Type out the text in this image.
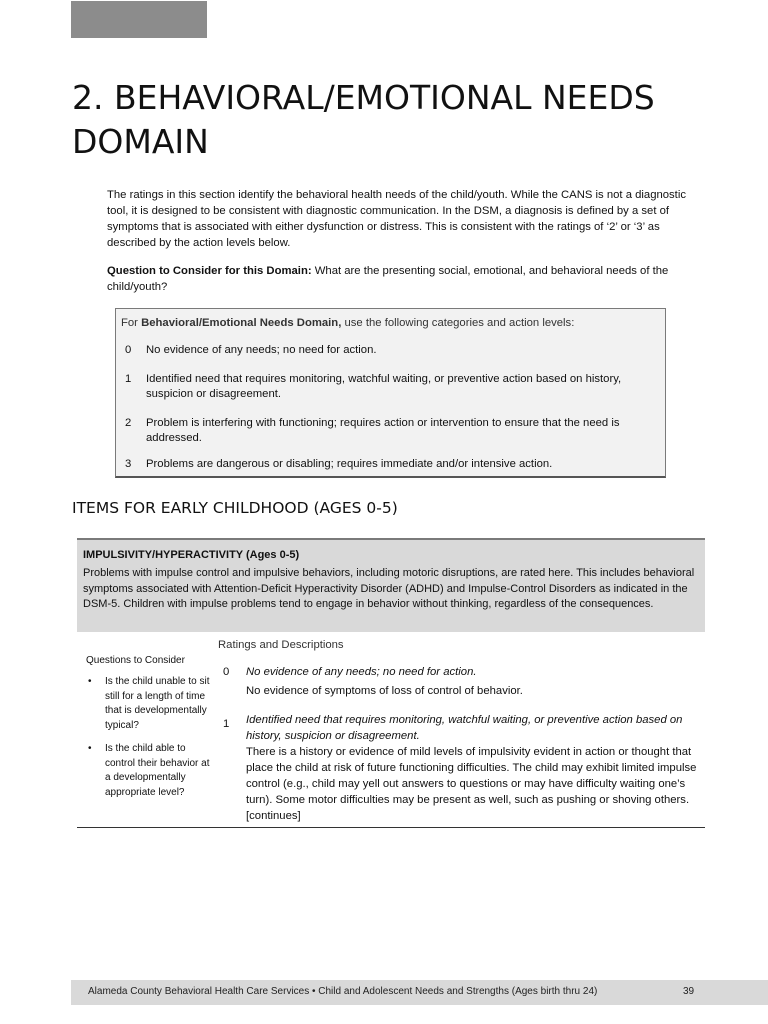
2. BEHAVIORAL/EMOTIONAL NEEDS DOMAIN

The ratings in this section identify the behavioral health needs of the child/youth. While the CANS is not a diagnostic tool, it is designed to be consistent with diagnostic communication. In the DSM, a diagnosis is defined by a set of symptoms that is associated with either dysfunction or distress. This is consistent with the ratings of ‘2’ or ‘3’ as described by the action levels below.

Question to Consider for this Domain: What are the presenting social, emotional, and behavioral needs of the child/youth?

For Behavioral/Emotional Needs Domain, use the following categories and action levels:
0 No evidence of any needs; no need for action.
1 Identified need that requires monitoring, watchful waiting, or preventive action based on history, suspicion or disagreement.
2 Problem is interfering with functioning; requires action or intervention to ensure that the need is addressed.
3 Problems are dangerous or disabling; requires immediate and/or intensive action.
ITEMS FOR EARLY CHILDHOOD (AGES 0-5)
IMPULSIVITY/HYPERACTIVITY (Ages 0-5)
Problems with impulse control and impulsive behaviors, including motoric disruptions, are rated here. This includes behavioral symptoms associated with Attention-Deficit Hyperactivity Disorder (ADHD) and Impulse-Control Disorders as indicated in the DSM-5. Children with impulse problems tend to engage in behavior without thinking, regardless of the consequences.
Ratings and Descriptions
Questions to Consider
• Is the child unable to sit still for a length of time that is developmentally typical?
• Is the child able to control their behavior at a developmentally appropriate level?
0 No evidence of any needs; no need for action.
No evidence of symptoms of loss of control of behavior.
1 Identified need that requires monitoring, watchful waiting, or preventive action based on history, suspicion or disagreement.
There is a history or evidence of mild levels of impulsivity evident in action or thought that place the child at risk of future functioning difficulties. The child may exhibit limited impulse control (e.g., child may yell out answers to questions or may have difficulty waiting one’s turn). Some motor difficulties may be present as well, such as pushing or shoving others. [continues]
Alameda County Behavioral Health Care Services • Child and Adolescent Needs and Strengths (Ages birth thru 24)	39
